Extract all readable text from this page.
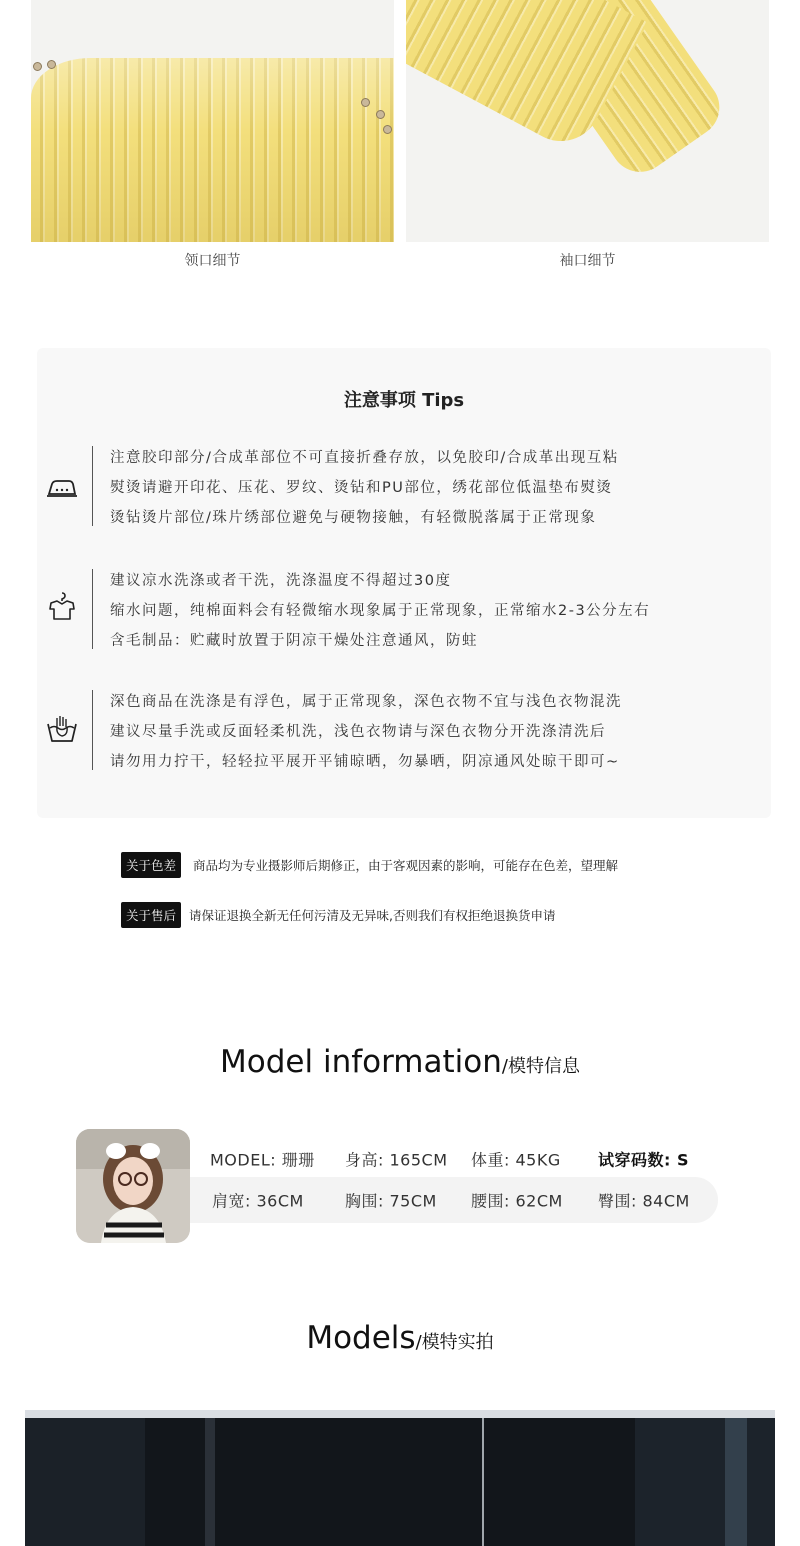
领口细节	袖口细节
注意事项 Tips
注意胶印部分/合成革部位不可直接折叠存放，以免胶印/合成革出现互粘
熨烫请避开印花、压花、罗纹、烫钻和PU部位，绣花部位低温垫布熨烫
烫钻烫片部位/珠片绣部位避免与硬物接触，有轻微脱落属于正常现象
建议凉水洗涤或者干洗，洗涤温度不得超过30度
缩水问题，纯棉面料会有轻微缩水现象属于正常现象，正常缩水2-3公分左右
含毛制品：贮藏时放置于阴凉干燥处注意通风，防蛀
深色商品在洗涤是有浮色，属于正常现象，深色衣物不宜与浅色衣物混洗
建议尽量手洗或反面轻柔机洗，浅色衣物请与深色衣物分开洗涤清洗后
请勿用力拧干，轻轻拉平展开平铺晾晒，勿暴晒，阴凉通风处晾干即可~
关于色差	商品均为专业摄影师后期修正，由于客观因素的影响，可能存在色差，望理解
关于售后	请保证退换全新无任何污清及无异味,否则我们有权拒绝退换货申请
Model information/模特信息
MODEL: 珊珊 身高: 165CM 体重: 45KG 试穿码数: S
肩宽: 36CM	胸围: 75CM 腰围: 62CM 臀围: 84CM
Models/模特实拍
